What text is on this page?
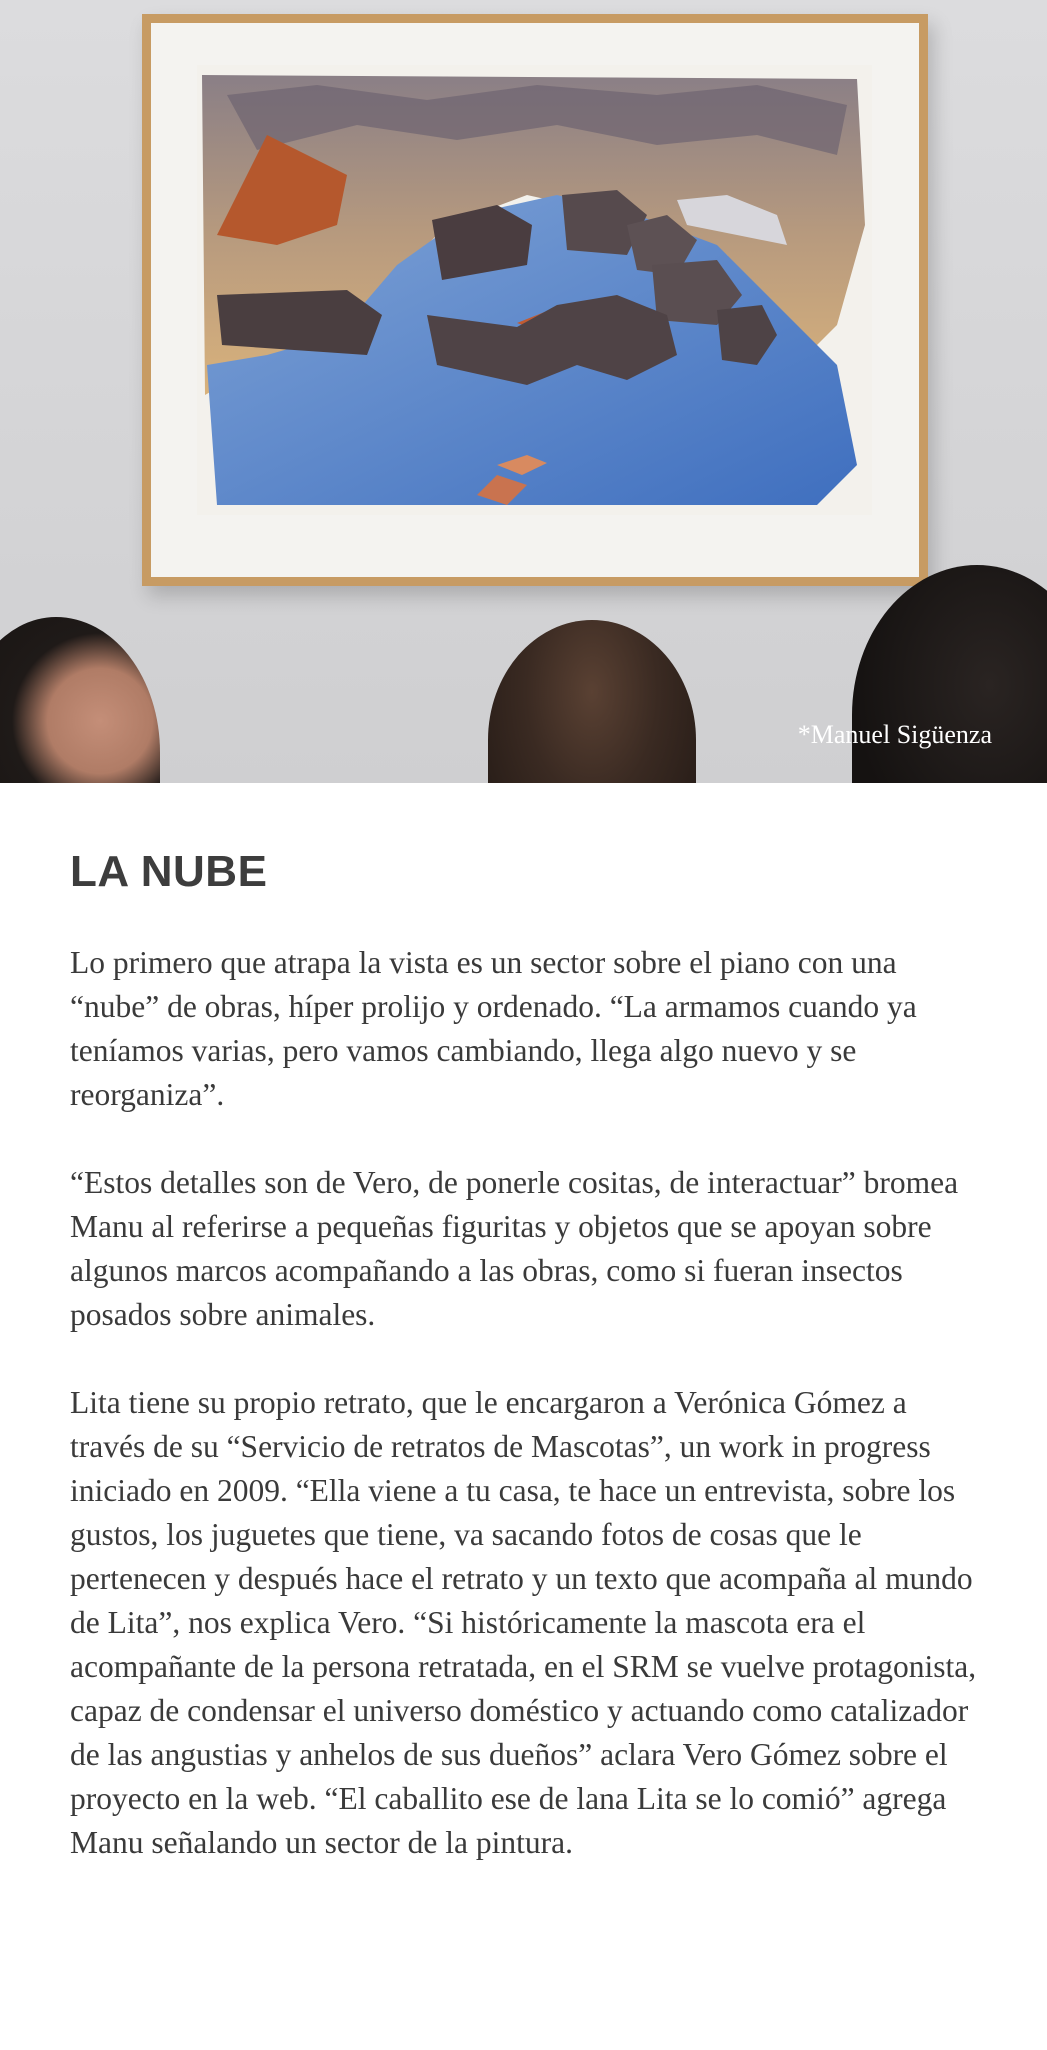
*Manuel Sigüenza
LA NUBE

Lo primero que atrapa la vista es un sector sobre el piano con una “nube” de obras, híper prolijo y ordenado. “La armamos cuando ya teníamos varias, pero vamos cambiando, llega algo nuevo y se reorganiza”.

“Estos detalles son de Vero, de ponerle cositas, de interactuar” bromea Manu al referirse a pequeñas figuritas y objetos que se apoyan sobre algunos marcos acompañando a las obras, como si fueran insectos posados sobre animales.

Lita tiene su propio retrato, que le encargaron a Verónica Gómez a través de su “Servicio de retratos de Mascotas”, un work in progress iniciado en 2009. “Ella viene a tu casa, te hace un entrevista, sobre los gustos, los juguetes que tiene, va sacando fotos de cosas que le pertenecen y después hace el retrato y un texto que acompaña al mundo de Lita”, nos explica Vero. “Si históricamente la mascota era el acompañante de la persona retratada, en el SRM se vuelve protagonista, capaz de condensar el universo doméstico y actuando como catalizador de las angustias y anhelos de sus dueños” aclara Vero Gómez sobre el proyecto en la web. “El caballito ese de lana Lita se lo comió” agrega Manu señalando un sector de la pintura.
